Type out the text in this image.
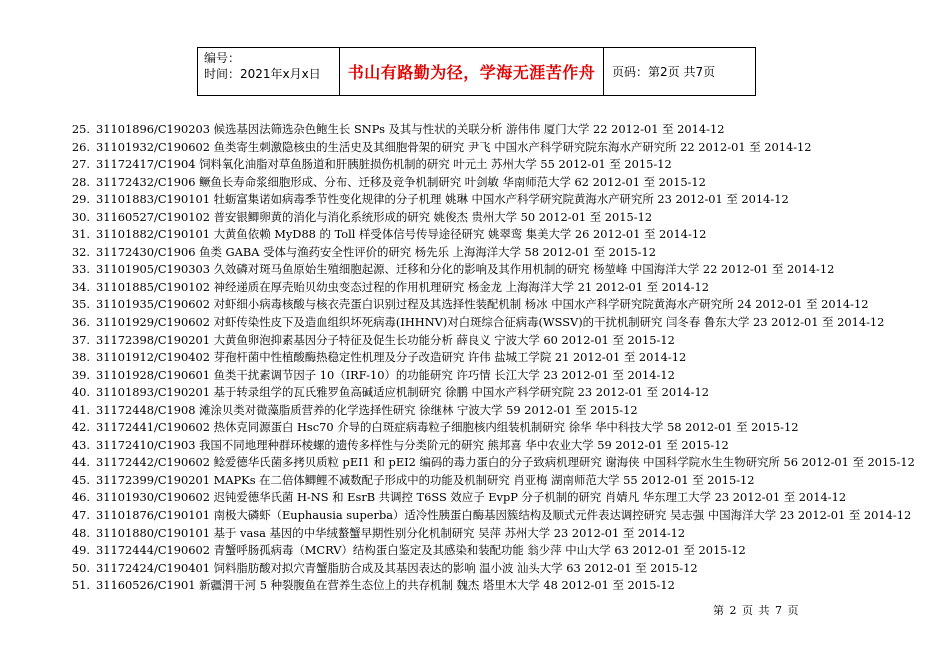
编号：
时间：2021年x月x日	书山有路勤为径，学海无涯苦作舟	页码：第2页 共7页
25. 31101896/C190203 候选基因法筛选杂色鲍生长 SNPs 及其与性状的关联分析 游伟伟 厦门大学 22 2012-01 至 2014-12
26. 31101932/C190602 鱼类寄生刺激隐核虫的生活史及其细胞骨架的研究 尹飞 中国水产科学研究院东海水产研究所 22 2012-01 至 2014-12
27. 31172417/C1904 饲料氧化油脂对草鱼肠道和肝胰脏损伤机制的研究 叶元土 苏州大学 55 2012-01 至 2015-12
28. 31172432/C1906 鳜鱼长寿命浆细胞形成、分布、迁移及竞争机制研究 叶剑敏 华南师范大学 62 2012-01 至 2015-12
29. 31101883/C190101 牡蛎富集诺如病毒季节性变化规律的分子机理 姚琳 中国水产科学研究院黄海水产研究所 23 2012-01 至 2014-12
30. 31160527/C190102 普安银鲫卵黄的消化与消化系统形成的研究 姚俊杰 贵州大学 50 2012-01 至 2015-12
31. 31101882/C190101 大黄鱼依赖 MyD88 的 Toll 样受体信号传导途径研究 姚翠鸾 集美大学 26 2012-01 至 2014-12
32. 31172430/C1906 鱼类 GABA 受体与渔药安全性评价的研究 杨先乐 上海海洋大学 58 2012-01 至 2015-12
33. 31101905/C190303 久效磷对斑马鱼原始生殖细胞起源、迁移和分化的影响及其作用机制的研究 杨堃峰 中国海洋大学 22 2012-01 至 2014-12
34. 31101885/C190102 神经递质在厚壳贻贝幼虫变态过程的作用机理研究 杨金龙 上海海洋大学 21 2012-01 至 2014-12
35. 31101935/C190602 对虾细小病毒核酸与核衣壳蛋白识别过程及其选择性装配机制 杨冰 中国水产科学研究院黄海水产研究所 24 2012-01 至 2014-12
36. 31101929/C190602 对虾传染性皮下及造血组织坏死病毒(IHHNV)对白斑综合征病毒(WSSV)的干扰机制研究 闫冬春 鲁东大学 23 2012-01 至 2014-12
37. 31172398/C190201 大黄鱼卵泡抑素基因分子特征及促生长功能分析 薛良义 宁波大学 60 2012-01 至 2015-12
38. 31101912/C190402 芽孢杆菌中性植酸酶热稳定性机理及分子改造研究 许伟 盐城工学院 21 2012-01 至 2014-12
39. 31101928/C190601 鱼类干扰素调节因子 10（IRF-10）的功能研究 许巧情 长江大学 23 2012-01 至 2014-12
40. 31101893/C190201 基于转录组学的瓦氏雅罗鱼高碱适应机制研究 徐鹏 中国水产科学研究院 23 2012-01 至 2014-12
41. 31172448/C1908 滩涂贝类对微藻脂质营养的化学选择性研究 徐继林 宁波大学 59 2012-01 至 2015-12
42. 31172441/C190602 热休克同源蛋白 Hsc70 介导的白斑症病毒粒子细胞核内组装机制研究 徐华 华中科技大学 58 2012-01 至 2015-12
43. 31172410/C1903 我国不同地理种群环棱螺的遗传多样性与分类阶元的研究 熊邦喜 华中农业大学 59 2012-01 至 2015-12
44. 31172442/C190602 鲶爱德华氏菌多拷贝质粒 pEI1 和 pEI2 编码的毒力蛋白的分子致病机理研究 谢海侠 中国科学院水生生物研究所 56 2012-01 至 2015-12
45. 31172399/C190201 MAPKs 在二倍体鲫鲤不减数配子形成中的功能及机制研究 肖亚梅 湖南师范大学 55 2012-01 至 2015-12
46. 31101930/C190602 迟钝爱德华氏菌 H-NS 和 EsrB 共调控 T6SS 效应子 EvpP 分子机制的研究 肖婧凡 华东理工大学 23 2012-01 至 2014-12
47. 31101876/C190101 南极大磷虾（Euphausia superba）适冷性胰蛋白酶基因簇结构及顺式元件表达调控研究 吴志强 中国海洋大学 23 2012-01 至 2014-12
48. 31101880/C190101 基于 vasa 基因的中华绒螯蟹早期性别分化机制研究 吴萍 苏州大学 23 2012-01 至 2014-12
49. 31172444/C190602 青蟹呼肠孤病毒（MCRV）结构蛋白鉴定及其感染和装配功能 翁少萍 中山大学 63 2012-01 至 2015-12
50. 31172424/C190401 饲料脂肪酸对拟穴青蟹脂肪合成及其基因表达的影响 温小波 汕头大学 63 2012-01 至 2015-12
51. 31160526/C1901 新疆渭干河 5 种裂腹鱼在营养生态位上的共存机制 魏杰 塔里木大学 48 2012-01 至 2015-12
第 2 页 共 7 页
